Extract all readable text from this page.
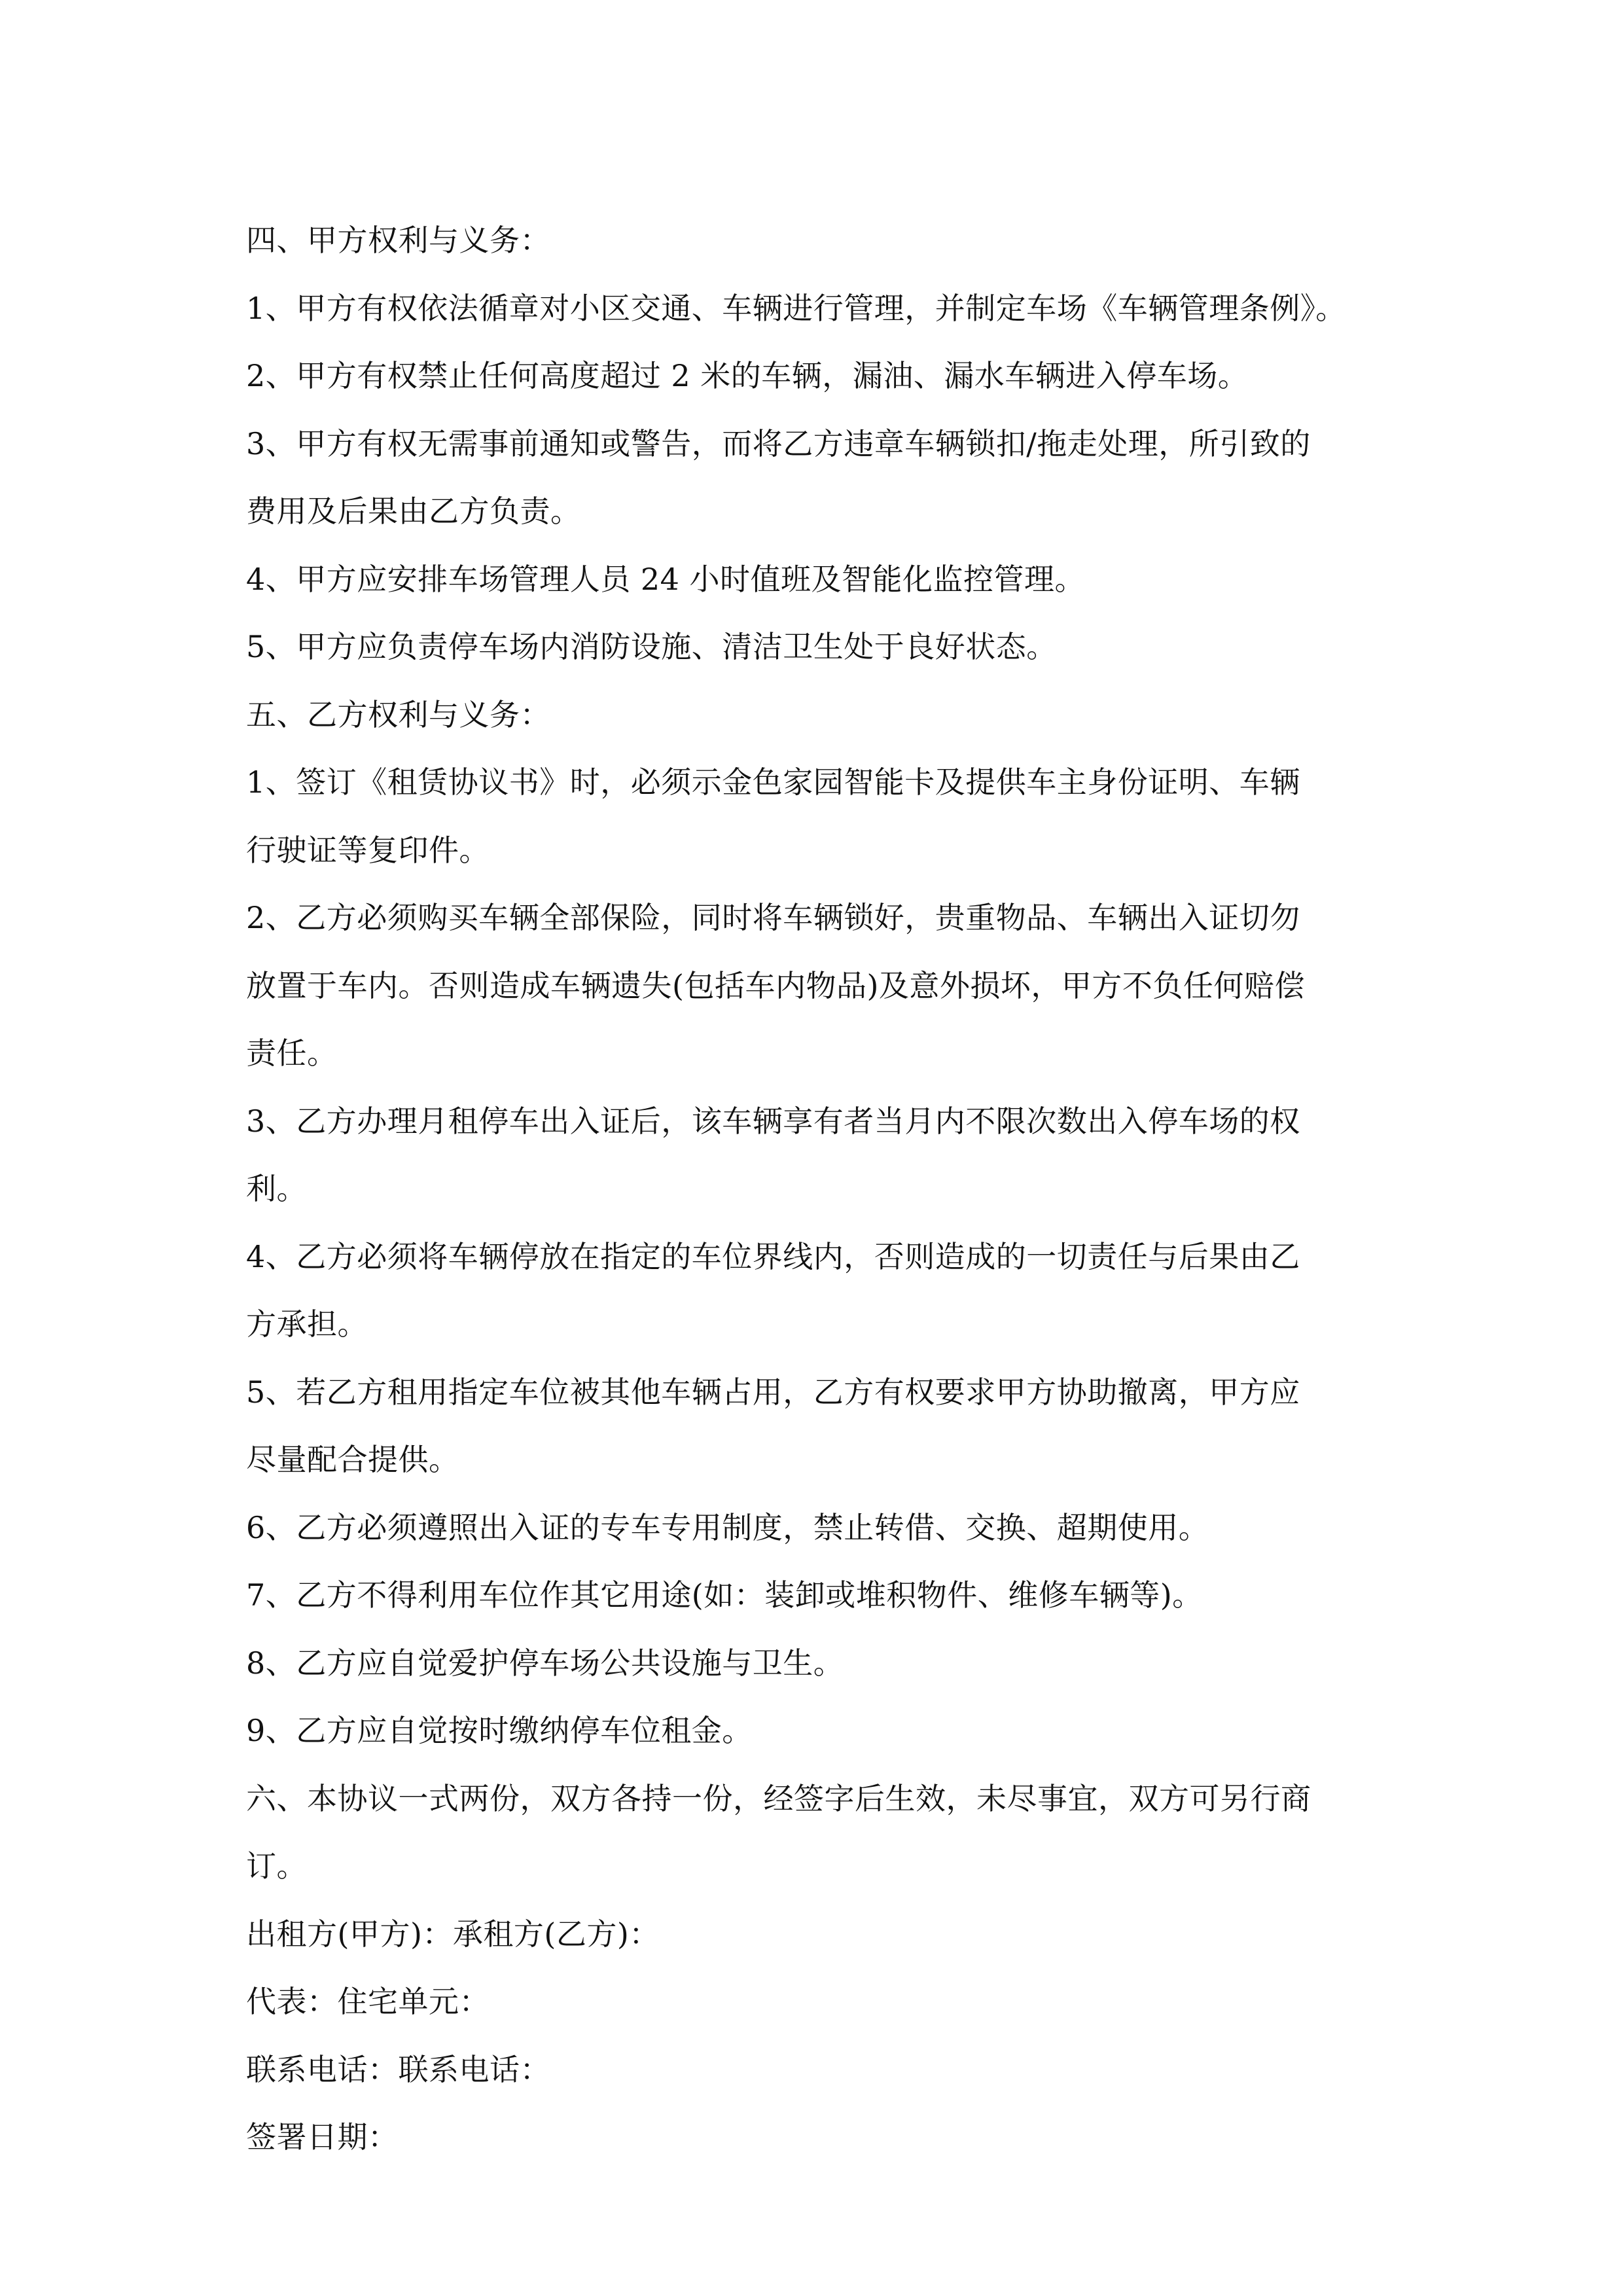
四、甲方权利与义务：
1、甲方有权依法循章对小区交通、车辆进行管理，并制定车场《车辆管理条例》。
2、甲方有权禁止任何高度超过 2 米的车辆，漏油、漏水车辆进入停车场。
3、甲方有权无需事前通知或警告，而将乙方违章车辆锁扣/拖走处理，所引致的
费用及后果由乙方负责。
4、甲方应安排车场管理人员 24 小时值班及智能化监控管理。
5、甲方应负责停车场内消防设施、清洁卫生处于良好状态。
五、乙方权利与义务：
1、签订《租赁协议书》时，必须示金色家园智能卡及提供车主身份证明、车辆
行驶证等复印件。
2、乙方必须购买车辆全部保险，同时将车辆锁好，贵重物品、车辆出入证切勿
放置于车内。否则造成车辆遗失(包括车内物品)及意外损坏，甲方不负任何赔偿
责任。
3、乙方办理月租停车出入证后，该车辆享有者当月内不限次数出入停车场的权
利。
4、乙方必须将车辆停放在指定的车位界线内，否则造成的一切责任与后果由乙
方承担。
5、若乙方租用指定车位被其他车辆占用，乙方有权要求甲方协助撤离，甲方应
尽量配合提供。
6、乙方必须遵照出入证的专车专用制度，禁止转借、交换、超期使用。
7、乙方不得利用车位作其它用途(如：装卸或堆积物件、维修车辆等)。
8、乙方应自觉爱护停车场公共设施与卫生。
9、乙方应自觉按时缴纳停车位租金。
六、本协议一式两份，双方各持一份，经签字后生效，未尽事宜，双方可另行商
订。
出租方(甲方)：承租方(乙方)：
代表：住宅单元：
联系电话：联系电话：
签署日期：
